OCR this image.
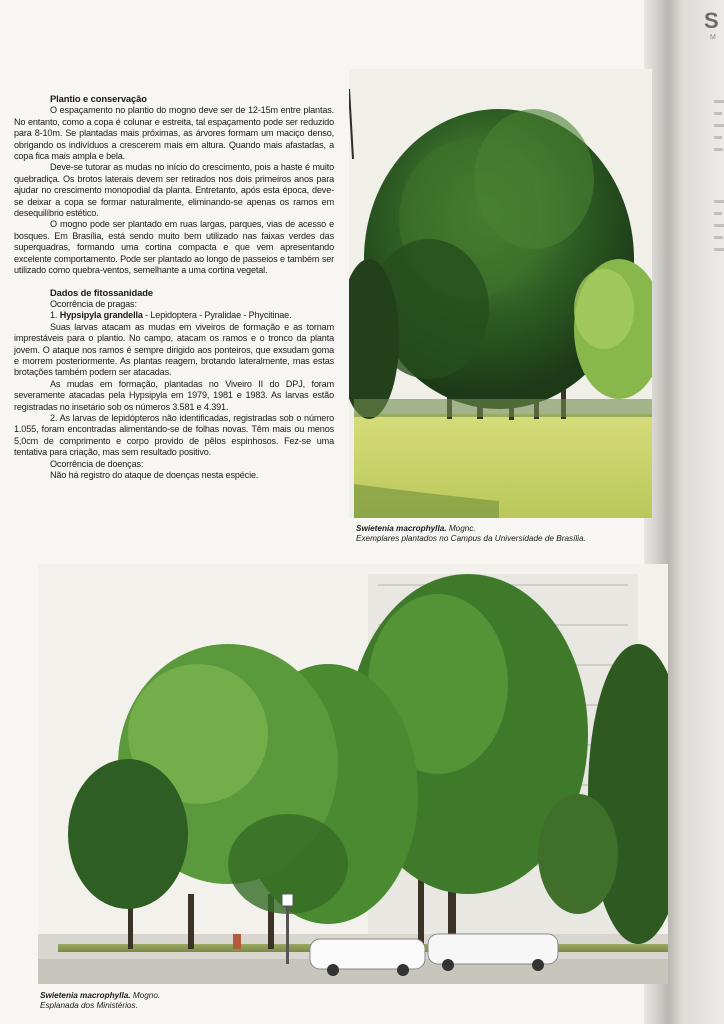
S
M
Plantio e conservação

O espaçamento no plantio do mogno deve ser de 12-15m entre plantas. No entanto, como a copa é colunar e estreita, tal espaçamento pode ser reduzido para 8-10m. Se plantadas mais próximas, as árvores formam um maciço denso, obrigando os indivíduos a crescerem mais em altura. Quando mais afastadas, a copa fica mais ampla e bela.

Deve-se tutorar as mudas no início do crescimento, pois a haste é muito quebradiça. Os brotos laterais devem ser retirados nos dois primeiros anos para ajudar no crescimento monopodial da planta. Entretanto, após esta época, deve-se deixar a copa se formar naturalmente, eliminando-se apenas os ramos em desequilíbrio estético.

O mogno pode ser plantado em ruas largas, parques, vias de acesso e bosques. Em Brasília, está sendo muito bem utilizado nas faixas verdes das superquadras, formando uma cortina compacta e que vem apresentando excelente comportamento. Pode ser plantado ao longo de passeios e também ser utilizado como quebra-ventos, semelhante a uma cortina vegetal.

Dados de fitossanidade

Ocorrência de pragas:

1. Hypsipyla grandella - Lepidoptera - Pyralidae - Phycitinae.

Suas larvas atacam as mudas em viveiros de formação e as tornam imprestáveis para o plantio. No campo, atacam os ramos e o tronco da planta jovem. O ataque nos ramos é sempre dirigido aos ponteiros, que exsudam goma e morrem posteriormente. As plantas reagem, brotando lateralmente, mas estas brotações também podem ser atacadas.

As mudas em formação, plantadas no Viveiro II do DPJ, foram severamente atacadas pela Hypsipyla em 1979, 1981 e 1983. As larvas estão registradas no insetário sob os números 3.581 e 4.391.

2. As larvas de lepidópteros não identificadas, registradas sob o número 1.055, foram encontradas alimentando-se de folhas novas. Têm mais ou menos 5,0cm de comprimento e corpo provido de pêlos espinhosos. Fez-se uma tentativa para criação, mas sem resultado positivo.

Ocorrência de doenças:

Não há registro do ataque de doenças nesta espécie.

Swietenia macrophylla. Mognc.
Exemplares plantados no Campus da Universidade de Brasília.
Swietenia macrophylla. Mogno.
Esplanada dos Ministérios.
